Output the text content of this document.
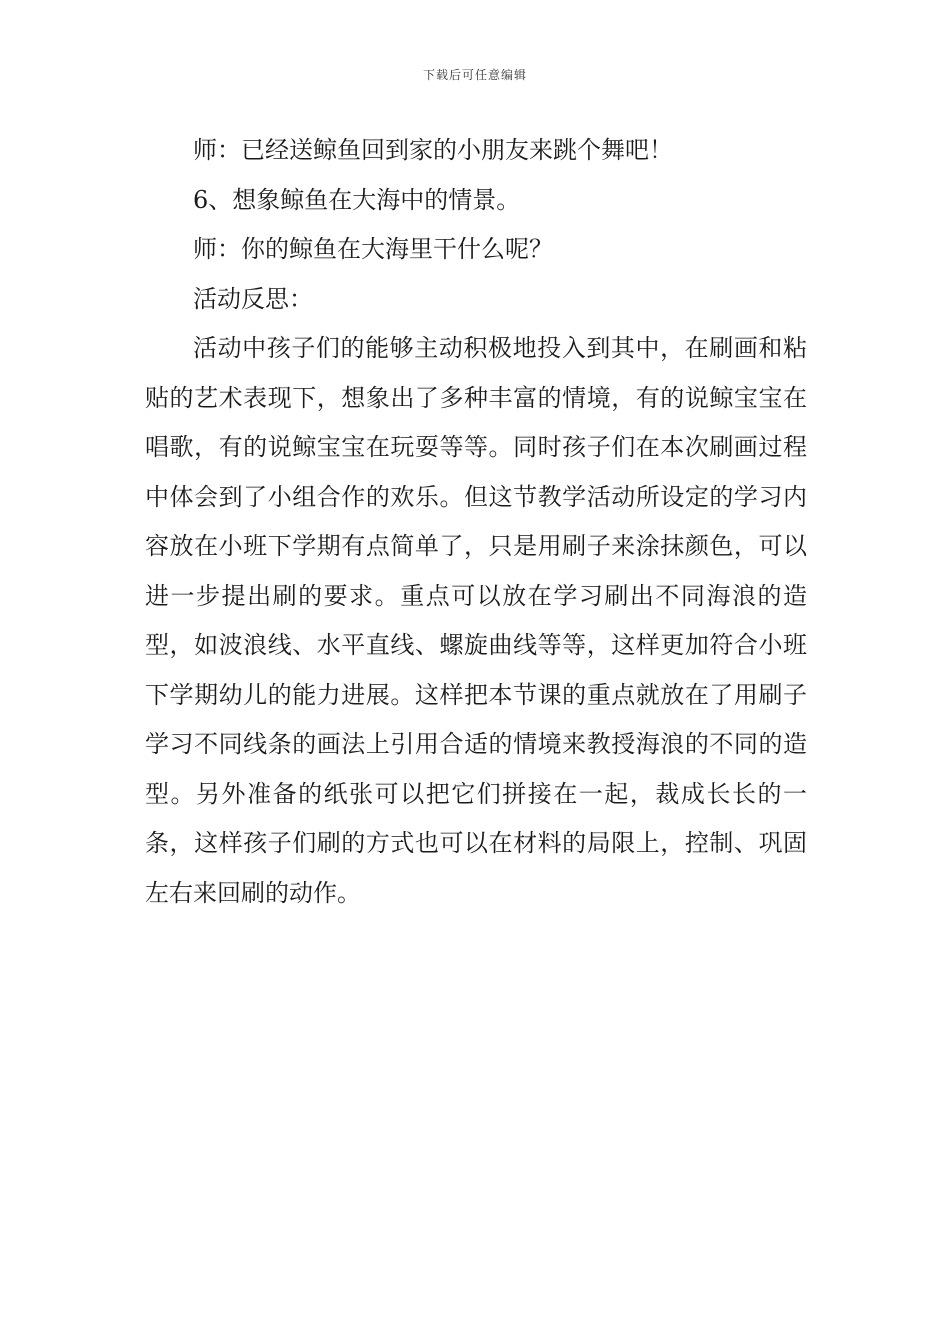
下载后可任意编辑

师：已经送鲸鱼回到家的小朋友来跳个舞吧！

6、想象鲸鱼在大海中的情景。

师：你的鲸鱼在大海里干什么呢？

活动反思：

活动中孩子们的能够主动积极地投入到其中，在刷画和粘贴的艺术表现下，想象出了多种丰富的情境，有的说鲸宝宝在唱歌，有的说鲸宝宝在玩耍等等。同时孩子们在本次刷画过程中体会到了小组合作的欢乐。但这节教学活动所设定的学习内容放在小班下学期有点简单了，只是用刷子来涂抹颜色，可以进一步提出刷的要求。重点可以放在学习刷出不同海浪的造型，如波浪线、水平直线、螺旋曲线等等，这样更加符合小班下学期幼儿的能力进展。这样把本节课的重点就放在了用刷子学习不同线条的画法上引用合适的情境来教授海浪的不同的造型。另外准备的纸张可以把它们拼接在一起，裁成长长的一条，这样孩子们刷的方式也可以在材料的局限上，控制、巩固左右来回刷的动作。
